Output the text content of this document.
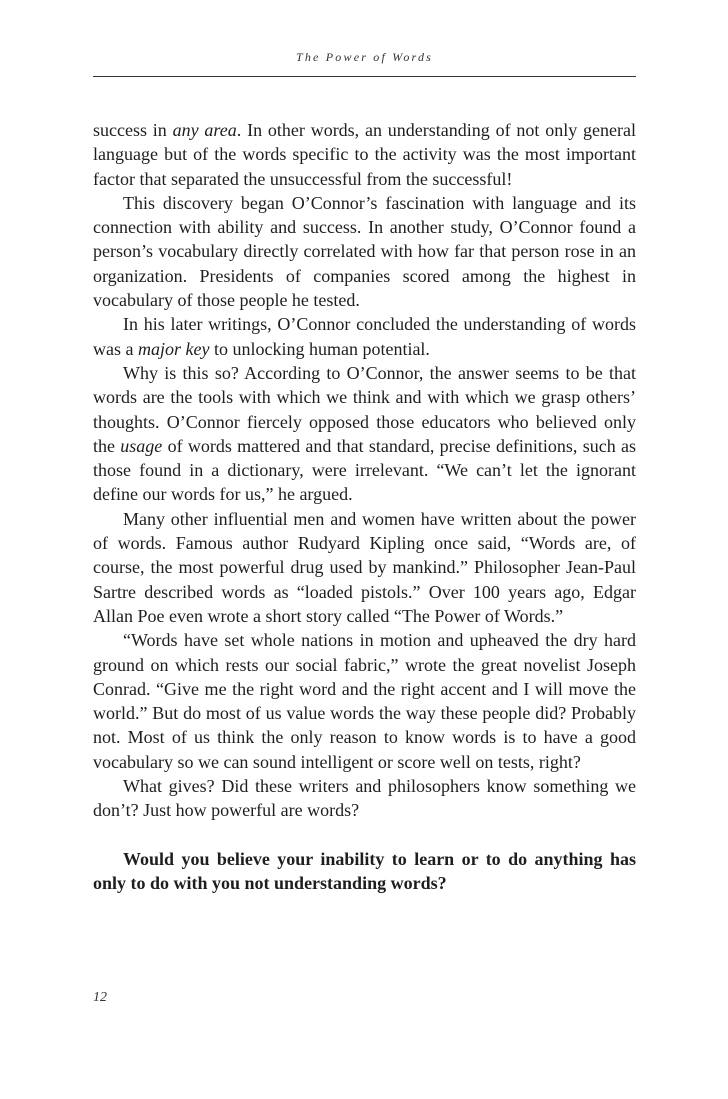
The Power of Words

success in any area. In other words, an understanding of not only general language but of the words specific to the activity was the most important factor that separated the unsuccessful from the successful!

This discovery began O’Connor’s fascination with language and its connection with ability and success. In another study, O’Connor found a person’s vocabulary directly correlated with how far that person rose in an organization. Presidents of companies scored among the highest in vocabulary of those people he tested.

In his later writings, O’Connor concluded the understanding of words was a major key to unlocking human potential.

Why is this so? According to O’Connor, the answer seems to be that words are the tools with which we think and with which we grasp others’ thoughts. O’Connor fiercely opposed those educators who believed only the usage of words mattered and that standard, precise definitions, such as those found in a dictionary, were irrelevant. “We can’t let the ignorant define our words for us,” he argued.

Many other influential men and women have written about the power of words. Famous author Rudyard Kipling once said, “Words are, of course, the most powerful drug used by mankind.” Philosopher Jean-Paul Sartre described words as “loaded pistols.” Over 100 years ago, Edgar Allan Poe even wrote a short story called “The Power of Words.”

“Words have set whole nations in motion and upheaved the dry hard ground on which rests our social fabric,” wrote the great novelist Joseph Conrad. “Give me the right word and the right accent and I will move the world.” But do most of us value words the way these people did? Probably not. Most of us think the only reason to know words is to have a good vocabulary so we can sound intelligent or score well on tests, right?

What gives? Did these writers and philosophers know something we don’t? Just how powerful are words?

Would you believe your inability to learn or to do anything has only to do with you not understanding words?

12
